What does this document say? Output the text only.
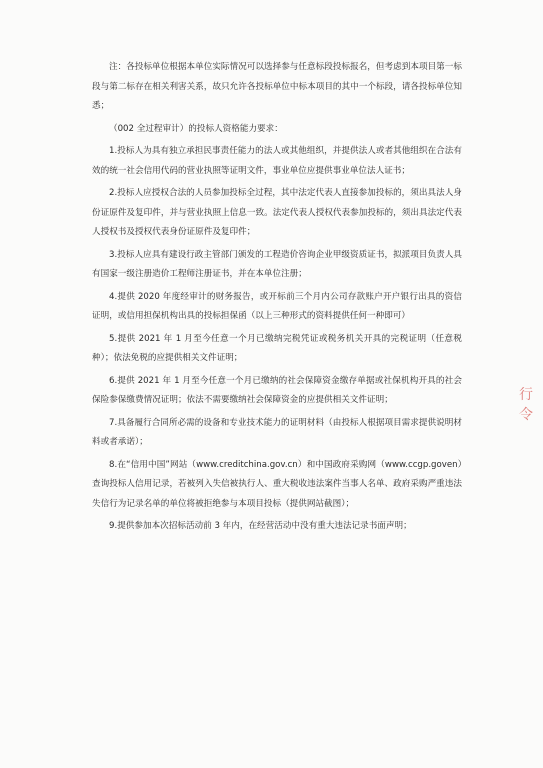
注：各投标单位根据本单位实际情况可以选择参与任意标段投标报名，但考虑到本项目第一标段与第二标存在相关利害关系，故只允许各投标单位中标本项目的其中一个标段，请各投标单位知悉；

（002 全过程审计）的投标人资格能力要求：

1.投标人为具有独立承担民事责任能力的法人或其他组织，并提供法人或者其他组织在合法有效的统一社会信用代码的营业执照等证明文件，事业单位应提供事业单位法人证书；

2.投标人应授权合法的人员参加投标全过程，其中法定代表人直接参加投标的，须出具法人身份证原件及复印件，并与营业执照上信息一致。法定代表人授权代表参加投标的，须出具法定代表人授权书及授权代表身份证原件及复印件；

3.投标人应具有建设行政主管部门颁发的工程造价咨询企业甲级资质证书，拟派项目负责人具有国家一级注册造价工程师注册证书，并在本单位注册；

4.提供 2020 年度经审计的财务报告，或开标前三个月内公司存款账户开户银行出具的资信证明，或信用担保机构出具的投标担保函（以上三种形式的资料提供任何一种即可）

5.提供 2021 年 1 月至今任意一个月已缴纳完税凭证或税务机关开具的完税证明（任意税种）；依法免税的应提供相关文件证明；

6.提供 2021 年 1 月至今任意一个月已缴纳的社会保障资金缴存单据或社保机构开具的社会保险参保缴费情况证明；依法不需要缴纳社会保障资金的应提供相关文件证明；

7.具备履行合同所必需的设备和专业技术能力的证明材料（由投标人根据项目需求提供说明材料或者承诺）；

8.在“信用中国”网站（www.creditchina.gov.cn）和中国政府采购网（www.ccgp.goven）查询投标人信用记录，若被列入失信被执行人、重大税收违法案件当事人名单、政府采购严重违法失信行为记录名单的单位将被拒绝参与本项目投标（提供网站截图）；

9.提供参加本次招标活动前 3 年内，在经营活动中没有重大违法记录书面声明；

行 令
